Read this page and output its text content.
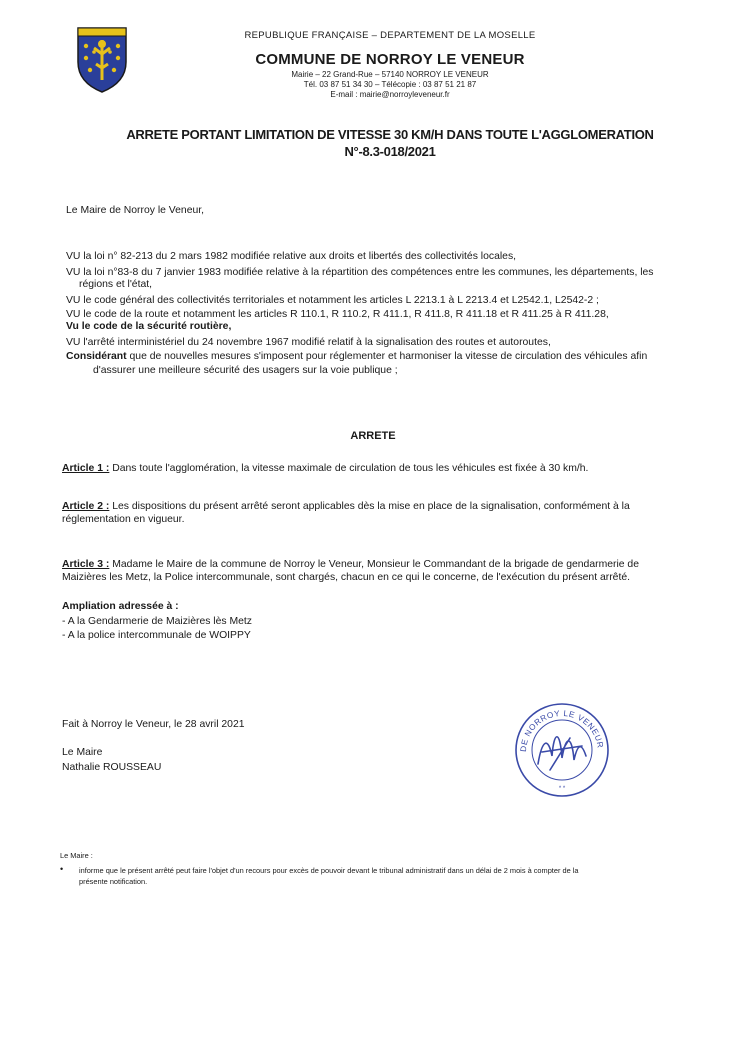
REPUBLIQUE FRANÇAISE – DEPARTEMENT DE LA MOSELLE
COMMUNE DE NORROY LE VENEUR
Mairie – 22 Grand-Rue – 57140 NORROY LE VENEUR
Tél. 03 87 51 34 30 – Télécopie : 03 87 51 21 87
E-mail : mairie@norroyleveneur.fr
ARRETE PORTANT LIMITATION DE VITESSE 30 KM/H DANS TOUTE L'AGGLOMERATION
N°-8.3-018/2021
Le Maire de Norroy le Veneur,
VU la loi n° 82-213 du 2 mars 1982 modifiée relative aux droits et libertés des collectivités locales,
VU la loi n°83-8 du 7 janvier 1983 modifiée relative à la répartition des compétences entre les communes, les départements, les
régions et l'état,
VU le code général des collectivités territoriales et notamment les articles L 2213.1 à L 2213.4 et L2542.1, L2542-2 ;
VU le code de la route et notamment les articles R 110.1, R 110.2, R 411.1, R 411.8, R 411.18 et R 411.25 à R 411.28,
Vu le code de la sécurité routière,
VU l'arrêté interministériel du 24 novembre 1967 modifié relatif à la signalisation des routes et autoroutes,
Considérant que de nouvelles mesures s'imposent pour réglementer et harmoniser la vitesse de circulation des véhicules afin
d'assurer une meilleure sécurité des usagers sur la voie publique ;
ARRETE
Article 1 : Dans toute l'agglomération, la vitesse maximale de circulation de tous les véhicules est fixée à 30 km/h.
Article 2 : Les dispositions du présent arrêté seront applicables dès la mise en place de la signalisation, conformément à la
réglementation en vigueur.
Article 3 : Madame le Maire de la commune de Norroy le Veneur, Monsieur le Commandant de la brigade de gendarmerie de
Maizières les Metz, la Police intercommunale, sont chargés, chacun en ce qui le concerne, de l'exécution du présent arrêté.
Ampliation adressée à :
- A la Gendarmerie de Maizières lès Metz
- A la police intercommunale de WOIPPY
Fait à Norroy le Veneur, le 28 avril 2021
Le Maire
Nathalie ROUSSEAU
DE NORROY LE VENEUR
* *
Le Maire :
• informe que le présent arrêté peut faire l'objet d'un recours pour excès de pouvoir devant le tribunal administratif dans un délai de 2 mois à compter de la
présente notification.
